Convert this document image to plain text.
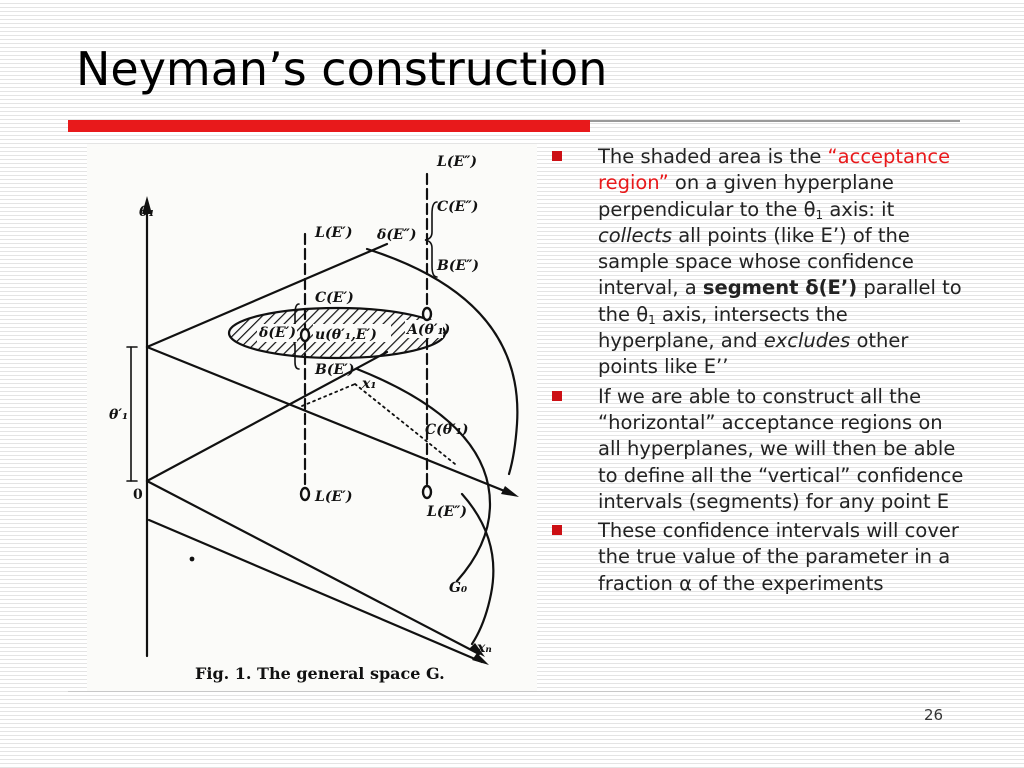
Neyman’s construction
θ₁
θ′₁
0
L(E″)
C(E″)
δ(E″)
B(E″)
L(E′)
C(E′)
δ(E′) u(θ′₁,E′) A(θ′₁)
B(E′)
x₁
C(θ′₁)
L(E′)
L(E″)
G₀
xₙ
Fig. 1. The general space G.
The shaded area is the “acceptance region” on a given hyperplane perpendicular to the $\theta_1$ axis: it collects all points (like E’) of the sample space whose confidence interval, a segment δ(E’) parallel to the $\theta_1$ axis, intersects the hyperplane, and excludes other points like E’’
If we are able to construct all the “horizontal” acceptance regions on all hyperplanes, we will then be able to define all the “vertical” confidence intervals (segments) for any point E
These confidence intervals will cover the true value of the parameter in a fraction α of the experiments
26
